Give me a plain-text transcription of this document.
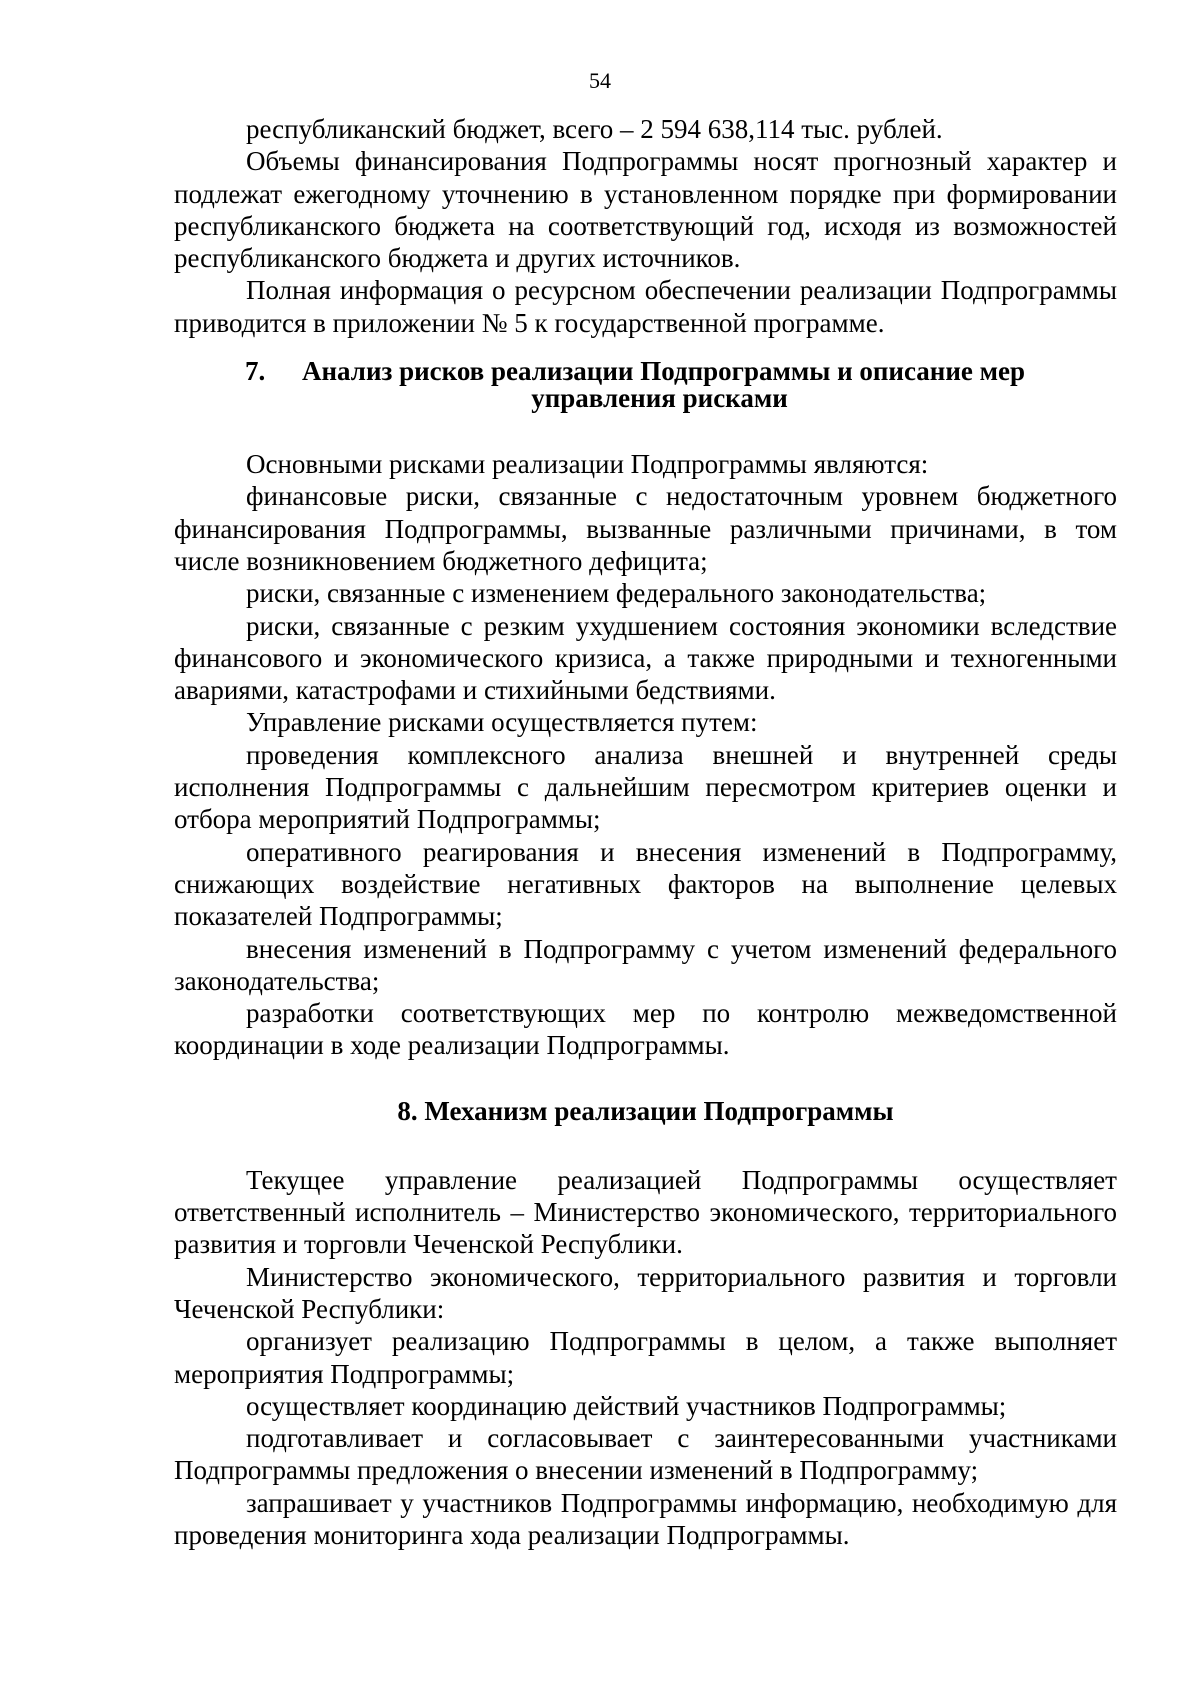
54

республиканский бюджет, всего – 2 594 638,114 тыс. рублей.

Объемы финансирования Подпрограммы носят прогнозный характер и подлежат ежегодному уточнению в установленном порядке при формировании республиканского бюджета на соответствующий год, исходя из возможностей республиканского бюджета и других источников.

Полная информация о ресурсном обеспечении реализации Подпрограммы приводится в приложении № 5 к государственной программе.

7.	Анализ рисков реализации Подпрограммы и описание мер
управления рисками

Основными рисками реализации Подпрограммы являются:

финансовые риски, связанные с недостаточным уровнем бюджетного финансирования Подпрограммы, вызванные различными причинами, в том числе возникновением бюджетного дефицита;

риски, связанные с изменением федерального законодательства;

риски, связанные с резким ухудшением состояния экономики вследствие финансового и экономического кризиса, а также природными и техногенными авариями, катастрофами и стихийными бедствиями.

Управление рисками осуществляется путем:

проведения комплексного анализа внешней и внутренней среды исполнения Подпрограммы с дальнейшим пересмотром критериев оценки и отбора мероприятий Подпрограммы;

оперативного реагирования и внесения изменений в Подпрограмму, снижающих воздействие негативных факторов на выполнение целевых показателей Подпрограммы;

внесения изменений в Подпрограмму с учетом изменений федерального законодательства;

разработки соответствующих мер по контролю межведомственной координации в ходе реализации Подпрограммы.

8. Механизм реализации Подпрограммы

Текущее управление реализацией Подпрограммы осуществляет ответственный исполнитель – Министерство экономического, территориального развития и торговли Чеченской Республики.

Министерство экономического, территориального развития и торговли Чеченской Республики:

организует реализацию Подпрограммы в целом, а также выполняет мероприятия Подпрограммы;

осуществляет координацию действий участников Подпрограммы;

подготавливает и согласовывает с заинтересованными участниками Подпрограммы предложения о внесении изменений в Подпрограмму;

запрашивает у участников Подпрограммы информацию, необходимую для проведения мониторинга хода реализации Подпрограммы.
